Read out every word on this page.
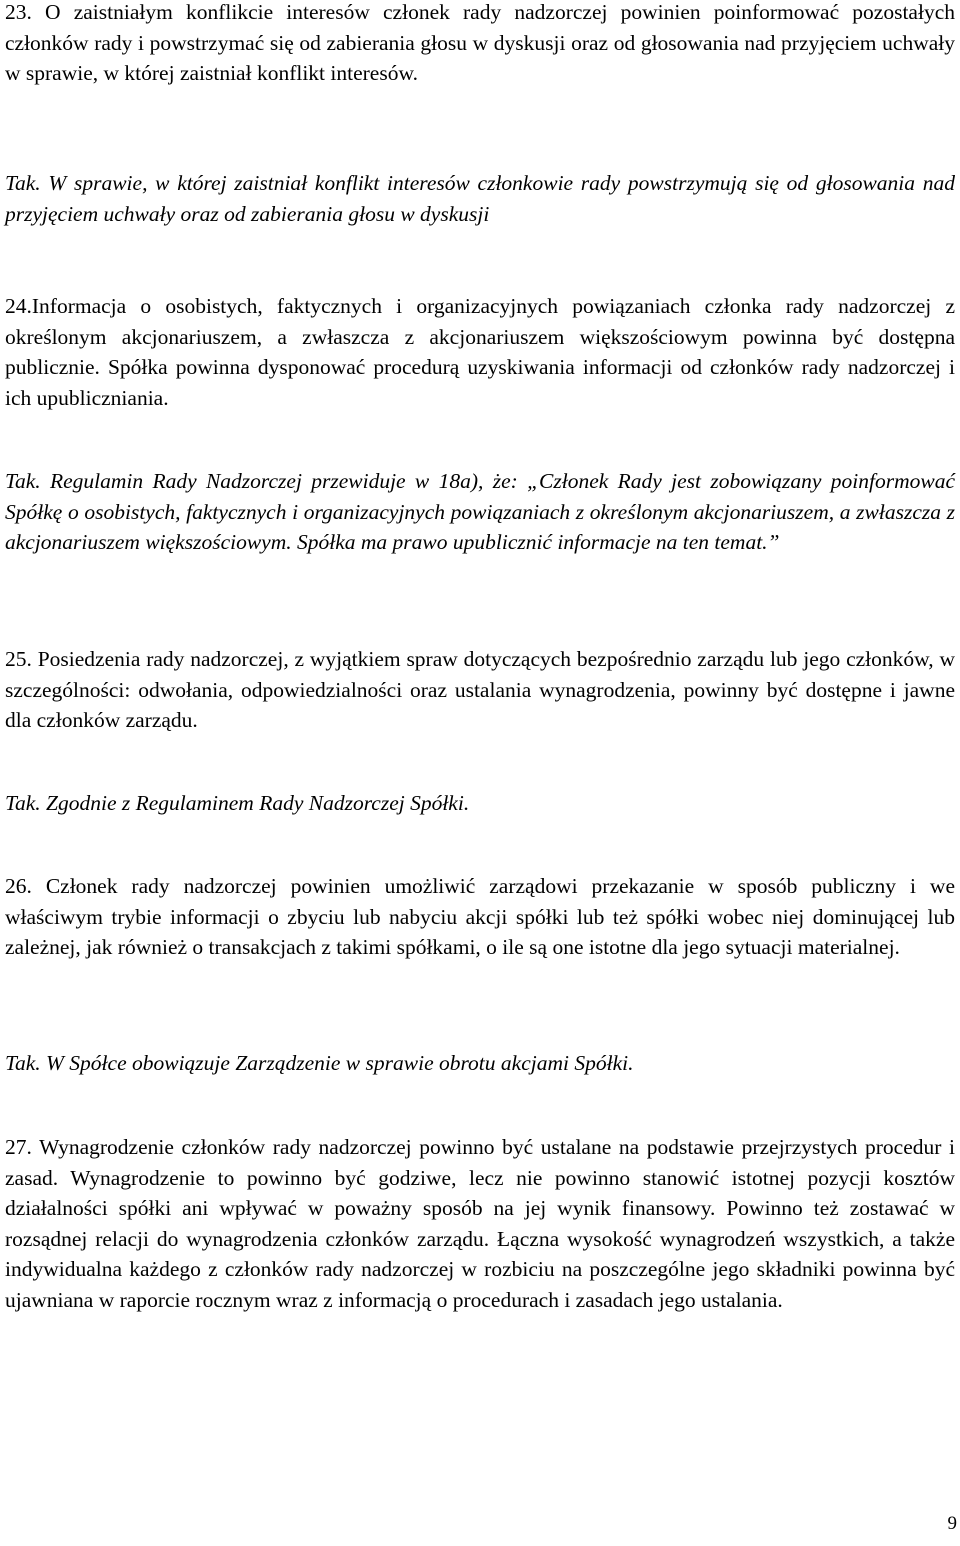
23. O zaistniałym konflikcie interesów członek rady nadzorczej powinien poinformować pozostałych członków rady i powstrzymać się od zabierania głosu w dyskusji oraz od głosowania nad przyjęciem uchwały w sprawie, w której zaistniał konflikt interesów.

Tak. W sprawie, w której zaistniał konflikt interesów członkowie rady powstrzymują się od głosowania nad przyjęciem uchwały oraz od zabierania głosu w dyskusji

24.Informacja o osobistych, faktycznych i organizacyjnych powiązaniach członka rady nadzorczej z określonym akcjonariuszem, a zwłaszcza z akcjonariuszem większościowym powinna być dostępna publicznie. Spółka powinna dysponować procedurą uzyskiwania informacji od członków rady nadzorczej i ich upubliczniania.

Tak. Regulamin Rady Nadzorczej przewiduje w 18a), że: „Członek Rady jest zobowiązany poinformować Spółkę o osobistych, faktycznych i organizacyjnych powiązaniach z określonym akcjonariuszem, a zwłaszcza z akcjonariuszem większościowym. Spółka ma prawo upublicznić informacje na ten temat.”

25. Posiedzenia rady nadzorczej, z wyjątkiem spraw dotyczących bezpośrednio zarządu lub jego członków, w szczególności: odwołania, odpowiedzialności oraz ustalania wynagrodzenia, powinny być dostępne i jawne dla członków zarządu.

Tak. Zgodnie z Regulaminem Rady Nadzorczej Spółki.

26. Członek rady nadzorczej powinien umożliwić zarządowi przekazanie w sposób publiczny i we właściwym trybie informacji o zbyciu lub nabyciu akcji spółki lub też spółki wobec niej dominującej lub zależnej, jak również o transakcjach z takimi spółkami, o ile są one istotne dla jego sytuacji materialnej.

Tak. W Spółce obowiązuje Zarządzenie w sprawie obrotu akcjami Spółki.

27. Wynagrodzenie członków rady nadzorczej powinno być ustalane na podstawie przejrzystych procedur i zasad. Wynagrodzenie to powinno być godziwe, lecz nie powinno stanowić istotnej pozycji kosztów działalności spółki ani wpływać w poważny sposób na jej wynik finansowy. Powinno też zostawać w rozsądnej relacji do wynagrodzenia członków zarządu. Łączna wysokość wynagrodzeń wszystkich, a także indywidualna każdego z członków rady nadzorczej w rozbiciu na poszczególne jego składniki powinna być ujawniana w raporcie rocznym wraz z informacją o procedurach i zasadach jego ustalania.

9
